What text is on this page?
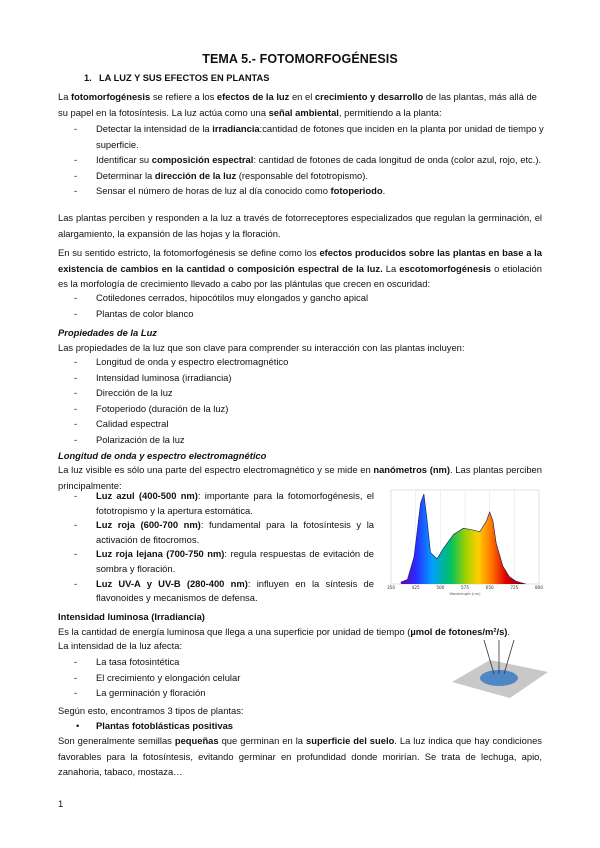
TEMA 5.- FOTOMORFOGÉNESIS
1. LA LUZ Y SUS EFECTOS EN PLANTAS
La fotomorfogénesis se refiere a los efectos de la luz en el crecimiento y desarrollo de las plantas, más allá de su papel en la fotosíntesis. La luz actúa como una señal ambiental, permitiendo a la planta:
- Detectar la intensidad de la irradiancia:cantidad de fotones que inciden en la planta por unidad de tiempo y superficie.
- Identificar su composición espectral: cantidad de fotones de cada longitud de onda (color azul, rojo, etc.).
- Determinar la dirección de la luz (responsable del fototropismo).
- Sensar el número de horas de luz al día conocido como fotoperiodo.
Las plantas perciben y responden a la luz a través de fotorreceptores especializados que regulan la germinación, el alargamiento, la expansión de las hojas y la floración.
En su sentido estricto, la fotomorfogénesis se define como los efectos producidos sobre las plantas en base a la existencia de cambios en la cantidad o composición espectral de la luz. La escotomorfogénesis o etiolación es la morfología de crecimiento llevado a cabo por las plántulas que crecen en oscuridad:
- Cotiledones cerrados, hipocótilos muy elongados y gancho apical
- Plantas de color blanco
Propiedades de la Luz
Las propiedades de la luz que son clave para comprender su interacción con las plantas incluyen:
- Longitud de onda y espectro electromagnético
- Intensidad luminosa (irradiancia)
- Dirección de la luz
- Fotoperiodo (duración de la luz)
- Calidad espectral
- Polarización de la luz
Longitud de onda y espectro electromagnético
La luz visible es sólo una parte del espectro electromagnético y se mide en nanómetros (nm). Las plantas perciben principalmente:
- Luz azul (400-500 nm): importante para la fotomorfogénesis, el fototropismo y la apertura estomática.
- Luz roja (600-700 nm): fundamental para la fotosíntesis y la activación de fitocromos.
- Luz roja lejana (700-750 nm): regula respuestas de evitación de sombra y floración.
- Luz UV-A y UV-B (280-400 nm): influyen en la síntesis de flavonoides y mecanismos de defensa.
350	425	500	575	650	725	800
Wavelength (nm)
Intensidad luminosa (Irradiancia)
Es la cantidad de energía luminosa que llega a una superficie por unidad de tiempo (µmol de fotones/m²/s).
La intensidad de la luz afecta:
- La tasa fotosintética
- El crecimiento y elongación celular
- La germinación y floración
Según esto, encontramos 3 tipos de plantas:
• Plantas fotoblásticas positivas
Son generalmente semillas pequeñas que germinan en la superficie del suelo. La luz indica que hay condiciones favorables para la fotosíntesis, evitando germinar en profundidad donde morirían. Se trata de lechuga, apio, zanahoria, tabaco, mostaza…
1
